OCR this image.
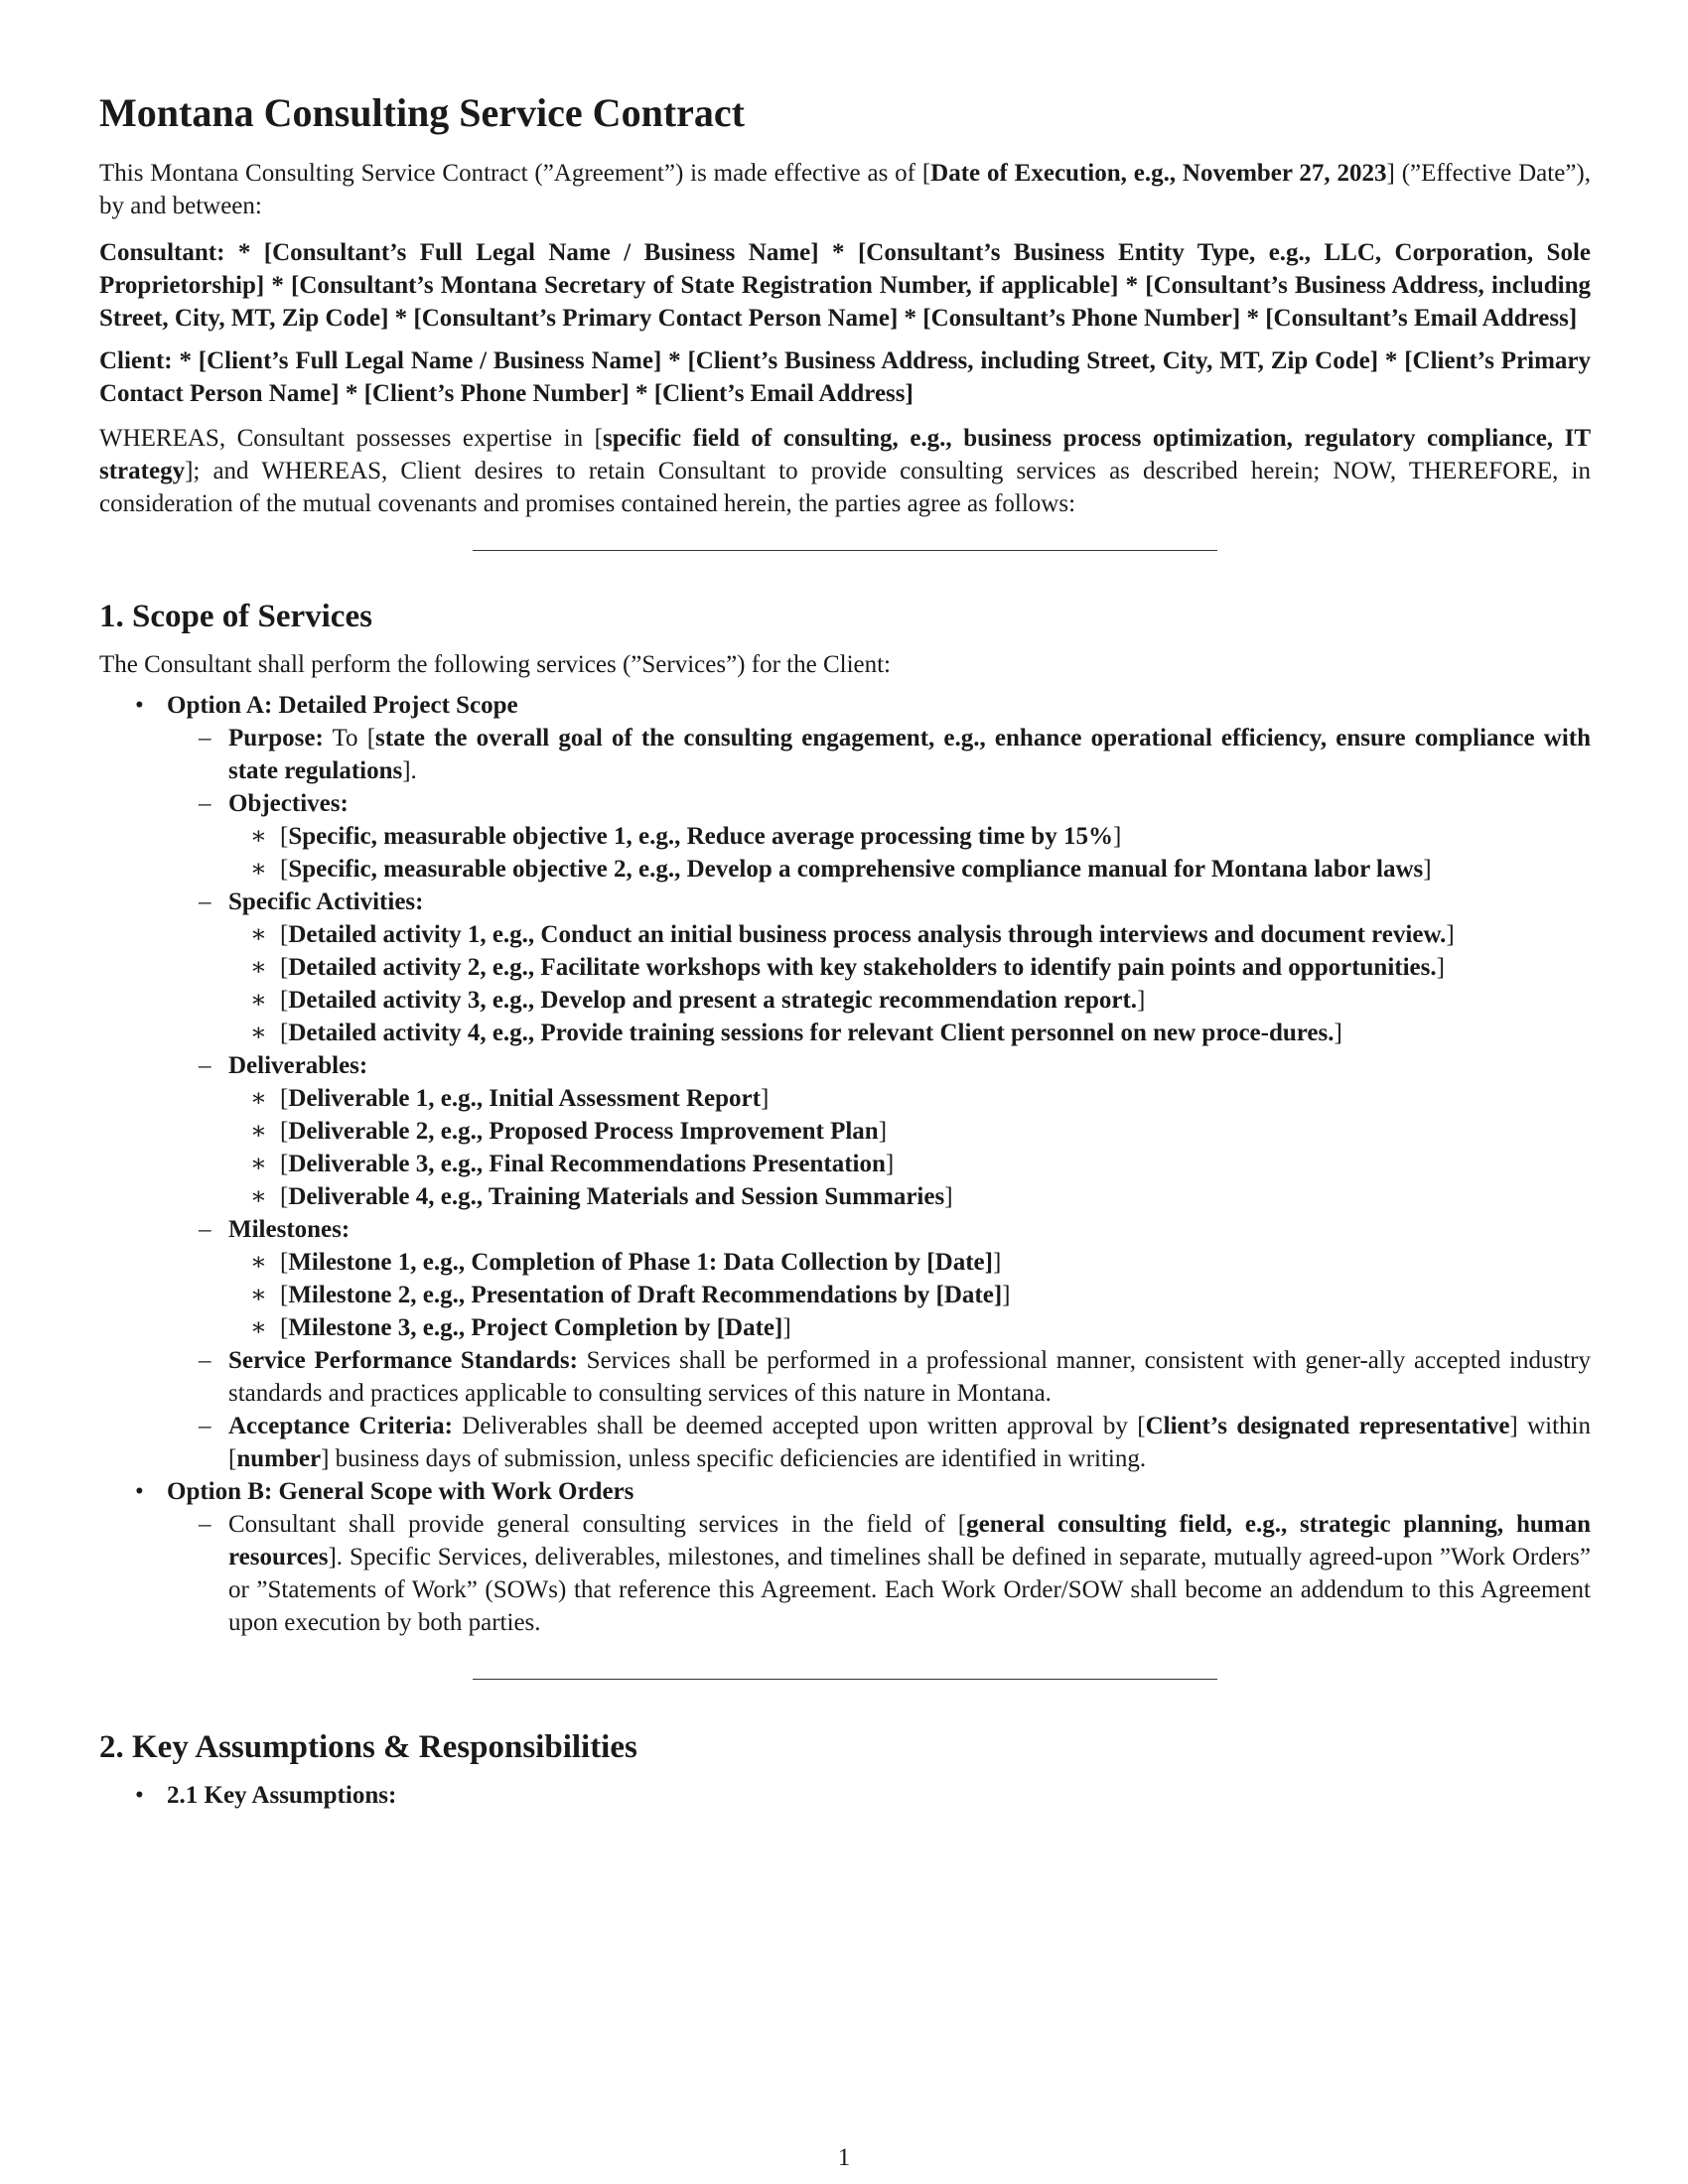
Montana Consulting Service Contract

This Montana Consulting Service Contract (”Agreement”) is made effective as of [Date of Execution, e.g., November 27, 2023] (”Effective Date”), by and between:

Consultant: * [Consultant’s Full Legal Name / Business Name] * [Consultant’s Business Entity Type, e.g., LLC, Corporation, Sole Proprietorship] * [Consultant’s Montana Secretary of State Registration Number, if applicable] * [Consultant’s Business Address, including Street, City, MT, Zip Code] * [Consultant’s Primary Contact Person Name] * [Consultant’s Phone Number] * [Consultant’s Email Address]

Client: * [Client’s Full Legal Name / Business Name] * [Client’s Business Address, including Street, City, MT, Zip Code] * [Client’s Primary Contact Person Name] * [Client’s Phone Number] * [Client’s Email Address]

WHEREAS, Consultant possesses expertise in [specific field of consulting, e.g., business process optimization, regulatory compliance, IT strategy]; and WHEREAS, Client desires to retain Consultant to provide consulting services as described herein; NOW, THEREFORE, in consideration of the mutual covenants and promises contained herein, the parties agree as follows:

1. Scope of Services

The Consultant shall perform the following services (”Services”) for the Client:

• Option A: Detailed Project Scope
– Purpose: To [state the overall goal of the consulting engagement, e.g., enhance operational efficiency, ensure compliance with state regulations].
– Objectives:
∗ [Specific, measurable objective 1, e.g., Reduce average processing time by 15%]
∗ [Specific, measurable objective 2, e.g., Develop a comprehensive compliance manual for Montana labor laws]
– Specific Activities:
∗ [Detailed activity 1, e.g., Conduct an initial business process analysis through interviews and document review.]
∗ [Detailed activity 2, e.g., Facilitate workshops with key stakeholders to identify pain points and opportunities.]
∗ [Detailed activity 3, e.g., Develop and present a strategic recommendation report.]
∗ [Detailed activity 4, e.g., Provide training sessions for relevant Client personnel on new proce-dures.]
– Deliverables:
∗ [Deliverable 1, e.g., Initial Assessment Report]
∗ [Deliverable 2, e.g., Proposed Process Improvement Plan]
∗ [Deliverable 3, e.g., Final Recommendations Presentation]
∗ [Deliverable 4, e.g., Training Materials and Session Summaries]
– Milestones:
∗ [Milestone 1, e.g., Completion of Phase 1: Data Collection by [Date]]
∗ [Milestone 2, e.g., Presentation of Draft Recommendations by [Date]]
∗ [Milestone 3, e.g., Project Completion by [Date]]
– Service Performance Standards: Services shall be performed in a professional manner, consistent with gener-ally accepted industry standards and practices applicable to consulting services of this nature in Montana.
– Acceptance Criteria: Deliverables shall be deemed accepted upon written approval by [Client’s designated representative] within [number] business days of submission, unless specific deficiencies are identified in writing.
• Option B: General Scope with Work Orders
– Consultant shall provide general consulting services in the field of [general consulting field, e.g., strategic planning, human resources]. Specific Services, deliverables, milestones, and timelines shall be defined in separate, mutually agreed-upon ”Work Orders” or ”Statements of Work” (SOWs) that reference this Agreement. Each Work Order/SOW shall become an addendum to this Agreement upon execution by both parties.
2. Key Assumptions & Responsibilities
• 2.1 Key Assumptions:
1
